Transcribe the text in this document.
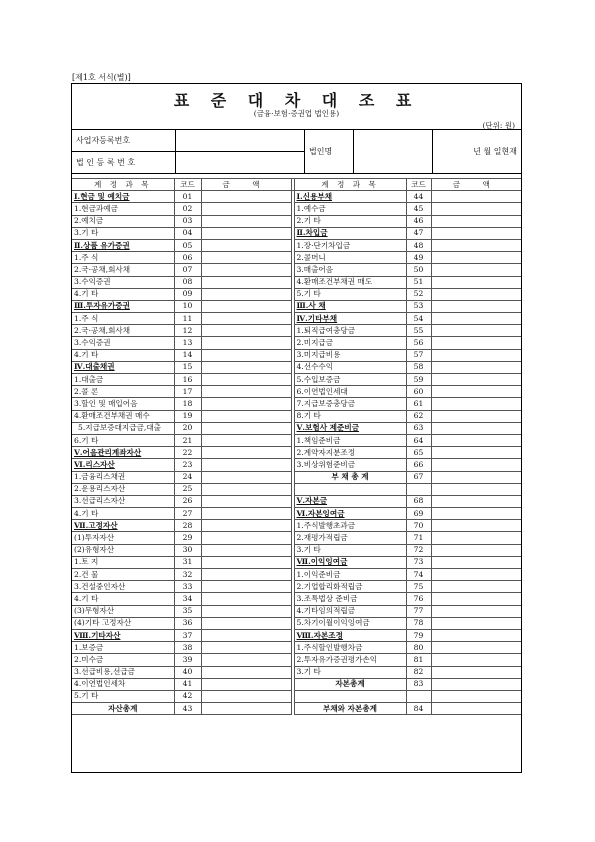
[제1호 서식(별)]
표 준 대 차 대 조 표
(금융·보험·증권업 법인용)
(단위: 원)
사업자등록번호		법인명		년 월 일현재
법 인 등 록 번 호				
계 정 과 목	코드	금 액		계 정 과 목	코드	금 액
Ⅰ.현금 및 예치금	01			Ⅰ.신용부채	44	
1.현금과예금	02			1.예수금	45	
2.예치금	03			2.기 타	46	
3.기 타	04			Ⅱ.차입금	47	
Ⅱ.상품 유가증권	05			1.장·단기차입금	48	
1.주 식	06			2.콜머니	49	
2.국·공채,회사채	07			3.매출어음	50	
3.수익증권	08			4.환매조건부채권 매도	51	
4.기 타	09			5.기 타	52	
Ⅲ.투자유가증권	10			Ⅲ.사 채	53	
1.주 식	11			Ⅳ.기타부채	54	
2.국·공채,회사채	12			1.퇴직급여충당금	55	
3.수익증권	13			2.미지급금	56	
4.기 타	14			3.미지급비용	57	
Ⅳ.대출채권	15			4.선수수익	58	
1.대출금	16			5.수입보증금	59	
2.콜 론	17			6.이연법인세대	60	
3.할인 및 매입어음	18			7.지급보증충당금	61	
4.환매조건부채권 매수	19			8.기 타	62	
5.지급보증대지급금,대출	20			Ⅴ.보험사 제준비금	63	
6.기 타	21			1.책임준비금	64	
Ⅴ.어음관리계좌자산	22			2.계약자지분조정	65	
Ⅵ.리스자산	23			3.비상위험준비금	66	
1.금융리스채권	24			부 채 총 계	67	
2.운용리스자산	25					
3.선급리스자산	26			Ⅴ.자본금	68	
4.기 타	27			Ⅵ.자본잉여금	69	
Ⅶ.고정자산	28			1.주식발행초과금	70	
(1)투자자산	29			2.재평가적립금	71	
(2)유형자산	30			3.기 타	72	
1.토 지	31			Ⅶ.이익잉여금	73	
2.건 물	32			1.이익준비금	74	
3.건설중인자산	33			2.기업합리화적립금	75	
4.기 타	34			3.조특법상 준비금	76	
(3)무형자산	35			4.기타임의적립금	77	
(4)기타 고정자산	36			5.차기이월이익잉여금	78	
Ⅷ.기타자산	37			Ⅷ.자본조정	79	
1.보증금	38			1.주식할인발행차금	80	
2.미수금	39			2.투자유가증권평가손익	81	
3.선급비용,선급금	40			3.기 타	82	
4.이연법인세차	41			자본총계	83	
5.기 타	42					
자산총계	43			부채와 자본총계	84	
